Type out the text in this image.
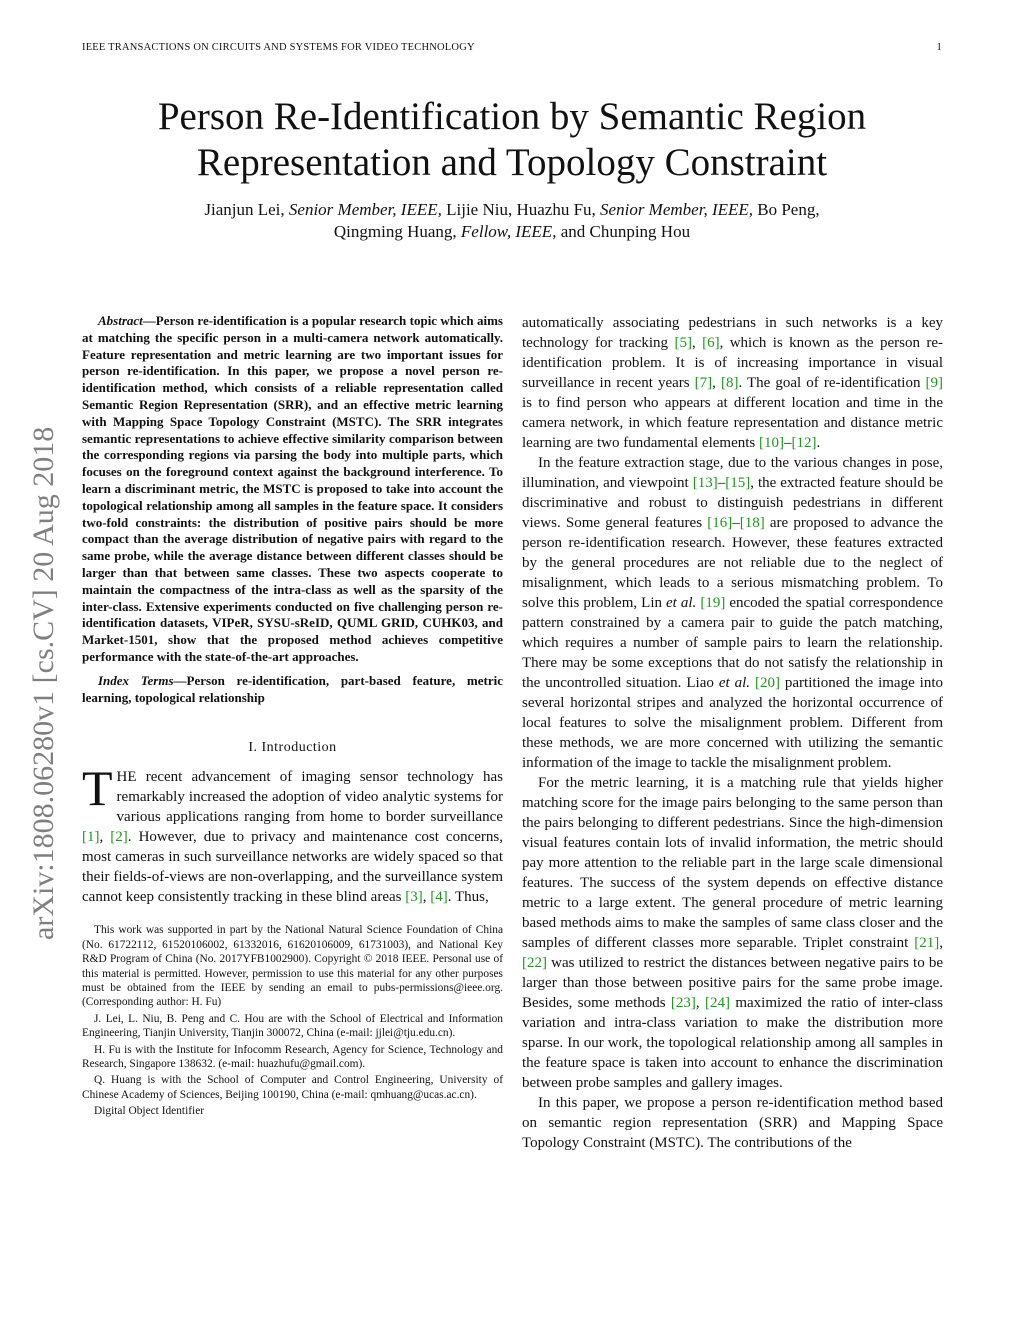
IEEE TRANSACTIONS ON CIRCUITS AND SYSTEMS FOR VIDEO TECHNOLOGY	1
Person Re-Identification by Semantic Region
Representation and Topology Constraint
Jianjun Lei, Senior Member, IEEE, Lijie Niu, Huazhu Fu, Senior Member, IEEE, Bo Peng,
Qingming Huang, Fellow, IEEE, and Chunping Hou
arXiv:1808.06280v1 [cs.CV] 20 Aug 2018

Abstract—Person re-identification is a popular research topic which aims at matching the specific person in a multi-camera network automatically. Feature representation and metric learning are two important issues for person re-identification. In this paper, we propose a novel person re-identification method, which consists of a reliable representation called Semantic Region Representation (SRR), and an effective metric learning with Mapping Space Topology Constraint (MSTC). The SRR integrates semantic representations to achieve effective similarity comparison between the corresponding regions via parsing the body into multiple parts, which focuses on the foreground context against the background interference. To learn a discriminant metric, the MSTC is proposed to take into account the topological relationship among all samples in the feature space. It considers two-fold constraints: the distribution of positive pairs should be more compact than the average distribution of negative pairs with regard to the same probe, while the average distance between different classes should be larger than that between same classes. These two aspects cooperate to maintain the compactness of the intra-class as well as the sparsity of the inter-class. Extensive experiments conducted on five challenging person re-identification datasets, VIPeR, SYSU-sReID, QUML GRID, CUHK03, and Market-1501, show that the proposed method achieves competitive performance with the state-of-the-art approaches.

Index Terms—Person re-identification, part-based feature, metric learning, topological relationship

I. Introduction

THE recent advancement of imaging sensor technology has remarkably increased the adoption of video analytic systems for various applications ranging from home to border surveillance [1], [2]. However, due to privacy and maintenance cost concerns, most cameras in such surveillance networks are widely spaced so that their fields-of-views are non-overlapping, and the surveillance system cannot keep consistently tracking in these blind areas [3], [4]. Thus,

This work was supported in part by the National Natural Science Foundation of China (No. 61722112, 61520106002, 61332016, 61620106009, 61731003), and National Key R&D Program of China (No. 2017YFB1002900). Copyright © 2018 IEEE. Personal use of this material is permitted. However, permission to use this material for any other purposes must be obtained from the IEEE by sending an email to pubs-permissions@ieee.org. (Corresponding author: H. Fu)

J. Lei, L. Niu, B. Peng and C. Hou are with the School of Electrical and Information Engineering, Tianjin University, Tianjin 300072, China (e-mail: jjlei@tju.edu.cn).

H. Fu is with the Institute for Infocomm Research, Agency for Science, Technology and Research, Singapore 138632. (e-mail: huazhufu@gmail.com).

Q. Huang is with the School of Computer and Control Engineering, University of Chinese Academy of Sciences, Beijing 100190, China (e-mail: qmhuang@ucas.ac.cn).

Digital Object Identifier

automatically associating pedestrians in such networks is a key technology for tracking [5], [6], which is known as the person re-identification problem. It is of increasing importance in visual surveillance in recent years [7], [8]. The goal of re-identification [9] is to find person who appears at different location and time in the camera network, in which feature representation and distance metric learning are two fundamental elements [10]–[12].

In the feature extraction stage, due to the various changes in pose, illumination, and viewpoint [13]–[15], the extracted feature should be discriminative and robust to distinguish pedestrians in different views. Some general features [16]–[18] are proposed to advance the person re-identification research. However, these features extracted by the general procedures are not reliable due to the neglect of misalignment, which leads to a serious mismatching problem. To solve this problem, Lin et al. [19] encoded the spatial correspondence pattern constrained by a camera pair to guide the patch matching, which requires a number of sample pairs to learn the relationship. There may be some exceptions that do not satisfy the relationship in the uncontrolled situation. Liao et al. [20] partitioned the image into several horizontal stripes and analyzed the horizontal occurrence of local features to solve the misalignment problem. Different from these methods, we are more concerned with utilizing the semantic information of the image to tackle the misalignment problem.

For the metric learning, it is a matching rule that yields higher matching score for the image pairs belonging to the same person than the pairs belonging to different pedestrians. Since the high-dimension visual features contain lots of invalid information, the metric should pay more attention to the reliable part in the large scale dimensional features. The success of the system depends on effective distance metric to a large extent. The general procedure of metric learning based methods aims to make the samples of same class closer and the samples of different classes more separable. Triplet constraint [21], [22] was utilized to restrict the distances between negative pairs to be larger than those between positive pairs for the same probe image. Besides, some methods [23], [24] maximized the ratio of inter-class variation and intra-class variation to make the distribution more sparse. In our work, the topological relationship among all samples in the feature space is taken into account to enhance the discrimination between probe samples and gallery images.

In this paper, we propose a person re-identification method based on semantic region representation (SRR) and Mapping Space Topology Constraint (MSTC). The contributions of the
